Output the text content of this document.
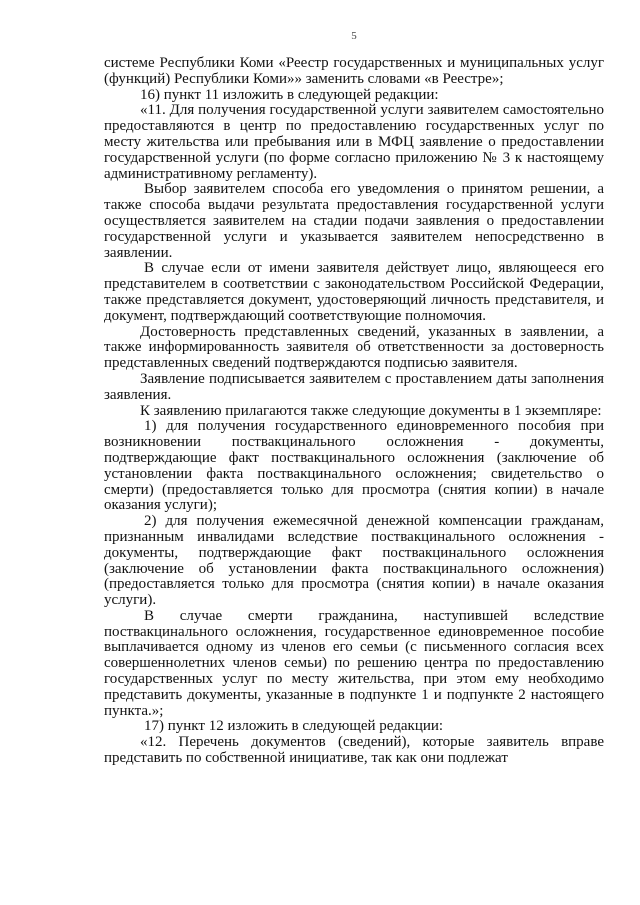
5

системе Республики Коми «Реестр государственных и муниципальных услуг (функций) Республики Коми»» заменить словами «в Реестре»;

16) пункт 11 изложить в следующей редакции:

«11. Для получения государственной услуги заявителем самостоятельно предоставляются в центр по предоставлению государственных услуг по месту жительства или пребывания или в МФЦ заявление о предоставлении государственной услуги (по форме согласно приложению № 3 к настоящему административному регламенту).

Выбор заявителем способа его уведомления о принятом решении, а также способа выдачи результата предоставления государственной услуги осуществляется заявителем на стадии подачи заявления о предоставлении государственной услуги и указывается заявителем непосредственно в заявлении.

В случае если от имени заявителя действует лицо, являющееся его представителем в соответствии с законодательством Российской Федерации, также представляется документ, удостоверяющий личность представителя, и документ, подтверждающий соответствующие полномочия.

Достоверность представленных сведений, указанных в заявлении, а также информированность заявителя об ответственности за достоверность представленных сведений подтверждаются подписью заявителя.

Заявление подписывается заявителем с проставлением даты заполнения заявления.

К заявлению прилагаются также следующие документы в 1 экземпляре:

1) для получения государственного единовременного пособия при возникновении поствакцинального осложнения - документы, подтверждающие факт поствакцинального осложнения (заключение об установлении факта поствакцинального осложнения; свидетельство о смерти) (предоставляется только для просмотра (снятия копии) в начале оказания услуги);

2) для получения ежемесячной денежной компенсации гражданам, признанным инвалидами вследствие поствакцинального осложнения - документы, подтверждающие факт поствакцинального осложнения (заключение об установлении факта поствакцинального осложнения) (предоставляется только для просмотра (снятия копии) в начале оказания услуги).

В случае смерти гражданина, наступившей вследствие поствакцинального осложнения, государственное единовременное пособие выплачивается одному из членов его семьи (с письменного согласия всех совершеннолетних членов семьи) по решению центра по предоставлению государственных услуг по месту жительства, при этом ему необходимо представить документы, указанные в подпункте 1 и подпункте 2 настоящего пункта.»;

17) пункт 12 изложить в следующей редакции:

«12. Перечень документов (сведений), которые заявитель вправе представить по собственной инициативе, так как они подлежат
